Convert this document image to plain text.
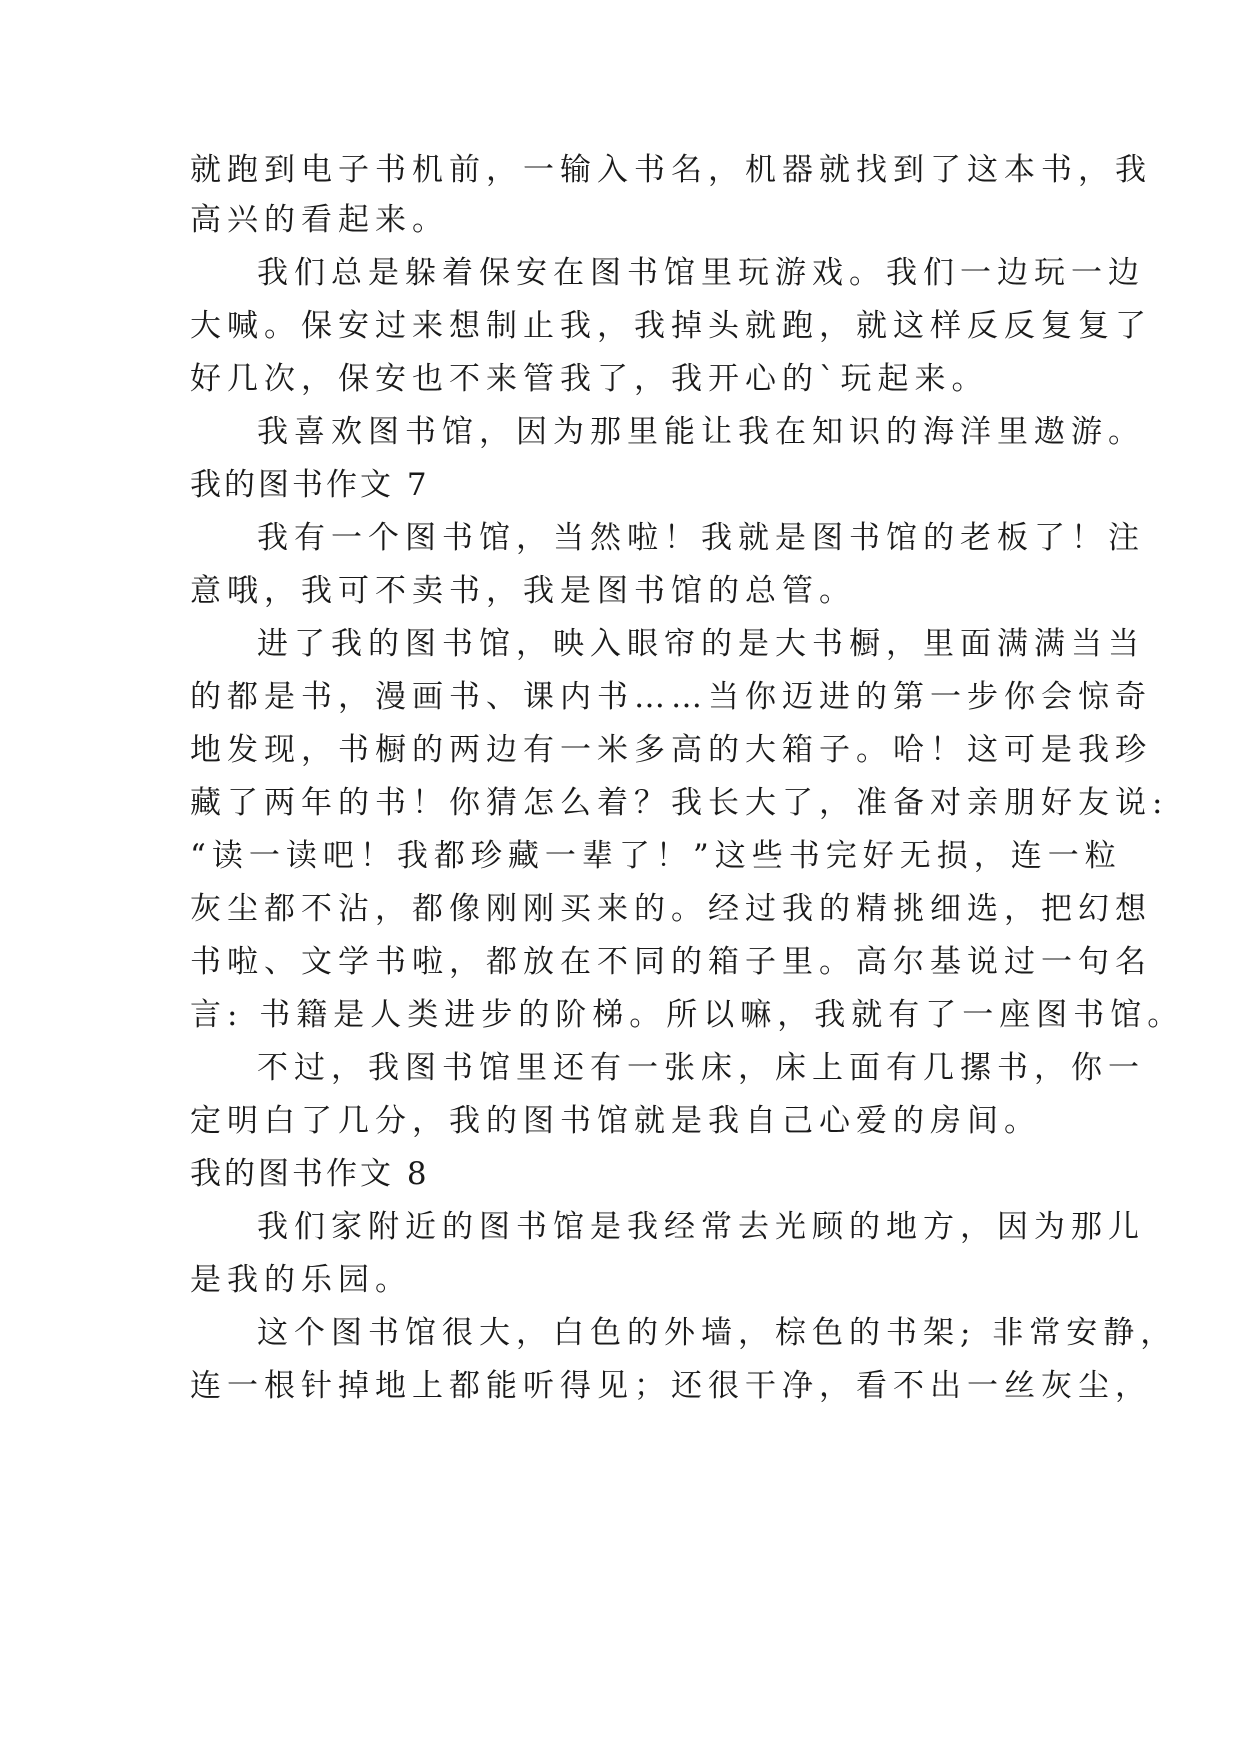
就跑到电子书机前，一输入书名，机器就找到了这本书，我
高兴的看起来。
我们总是躲着保安在图书馆里玩游戏。我们一边玩一边
大喊。保安过来想制止我，我掉头就跑，就这样反反复复了
好几次，保安也不来管我了，我开心的`玩起来。
我喜欢图书馆，因为那里能让我在知识的海洋里遨游。
我的图书作文 7
我有一个图书馆，当然啦！我就是图书馆的老板了！注
意哦，我可不卖书，我是图书馆的总管。
进了我的图书馆，映入眼帘的是大书橱，里面满满当当
的都是书，漫画书、课内书……当你迈进的第一步你会惊奇
地发现，书橱的两边有一米多高的大箱子。哈！这可是我珍
藏了两年的书！你猜怎么着？我长大了，准备对亲朋好友说:
“读一读吧！我都珍藏一辈了！”这些书完好无损，连一粒
灰尘都不沾，都像刚刚买来的。经过我的精挑细选，把幻想
书啦、文学书啦，都放在不同的箱子里。高尔基说过一句名
言: 书籍是人类进步的阶梯。所以嘛，我就有了一座图书馆。
不过，我图书馆里还有一张床，床上面有几摞书，你一
定明白了几分，我的图书馆就是我自己心爱的房间。
我的图书作文 8
我们家附近的图书馆是我经常去光顾的地方，因为那儿
是我的乐园。
这个图书馆很大，白色的外墙，棕色的书架; 非常安静，
连一根针掉地上都能听得见；还很干净，看不出一丝灰尘，
